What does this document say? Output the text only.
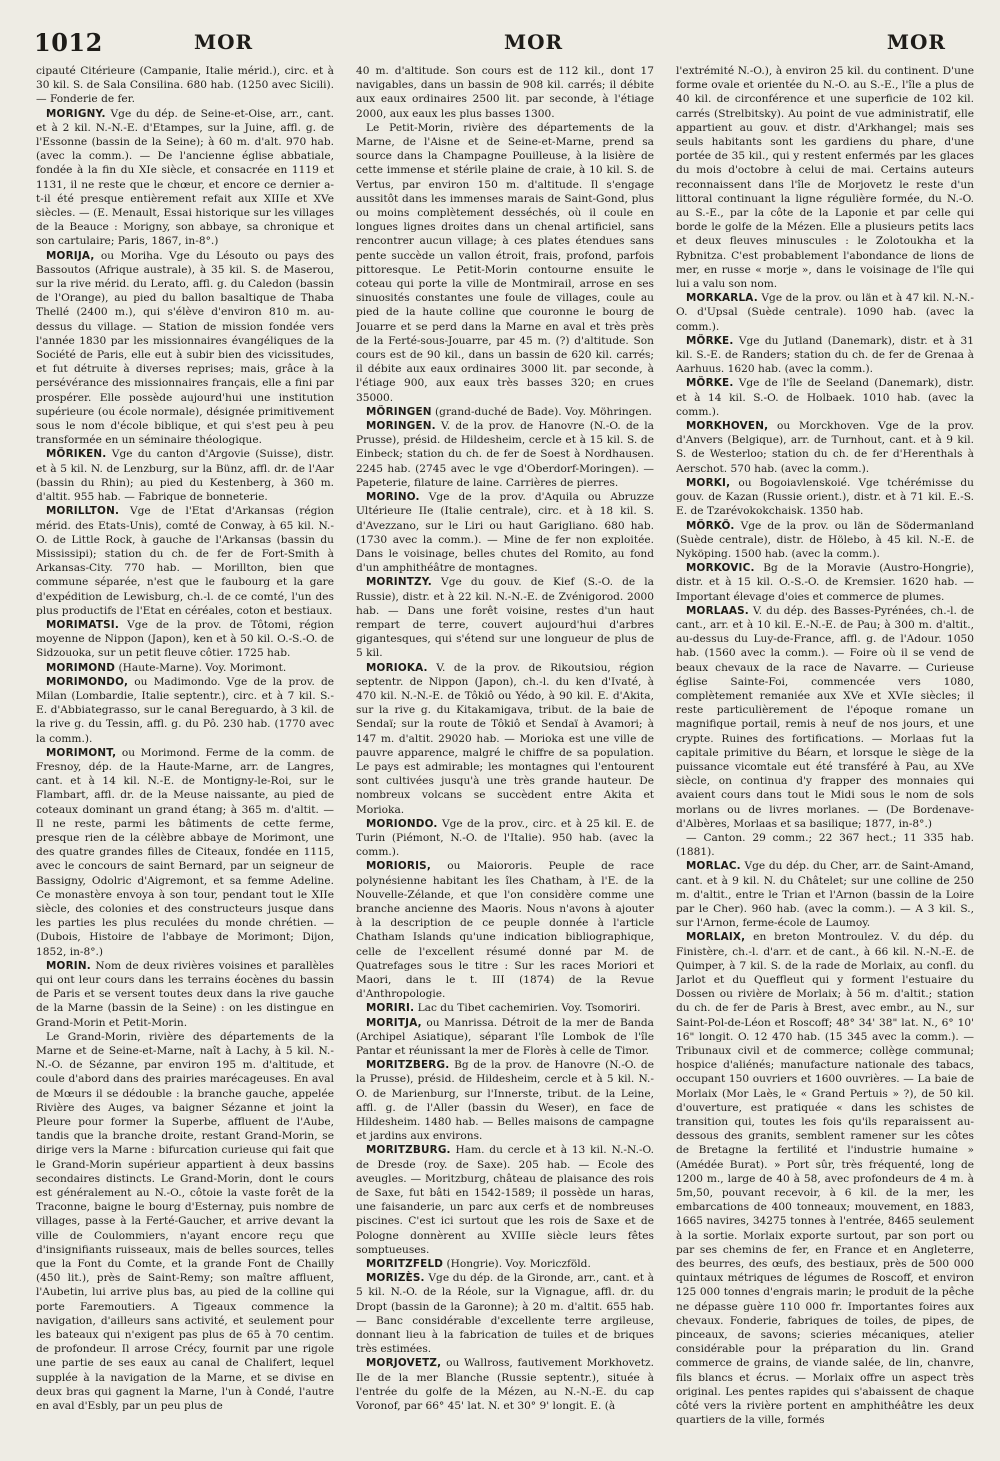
1012	MOR	MOR	MOR

cipauté Citérieure (Campanie, Italie mérid.), circ. et à 30 kil. S. de Sala Consilina. 680 hab. (1250 avec Sicili). — Fonderie de fer.

MORIGNY. Vge du dép. de Seine-et-Oise, arr., cant. et à 2 kil. N.-N.-E. d'Etampes, sur la Juine, affl. g. de l'Essonne (bassin de la Seine); à 60 m. d'alt. 970 hab. (avec la comm.). — De l'ancienne église abbatiale, fondée à la fin du XIe siècle, et consacrée en 1119 et 1131, il ne reste que le chœur, et encore ce dernier a-t-il été presque entièrement refait aux XIIIe et XVe siècles. — (E. Menault, Essai historique sur les villages de la Beauce : Morigny, son abbaye, sa chronique et son cartulaire; Paris, 1867, in-8°.)

MORIJA, ou Moriha. Vge du Lésouto ou pays des Bassoutos (Afrique australe), à 35 kil. S. de Maserou, sur la rive mérid. du Lerato, affl. g. du Caledon (bassin de l'Orange), au pied du ballon basaltique de Thaba Thellé (2400 m.), qui s'élève d'environ 810 m. au-dessus du village. — Station de mission fondée vers l'année 1830 par les missionnaires évangéliques de la Société de Paris, elle eut à subir bien des vicissitudes, et fut détruite à diverses reprises; mais, grâce à la persévérance des missionnaires français, elle a fini par prospérer. Elle possède aujourd'hui une institution supérieure (ou école normale), désignée primitivement sous le nom d'école biblique, et qui s'est peu à peu transformée en un séminaire théologique.

MÖRIKEN. Vge du canton d'Argovie (Suisse), distr. et à 5 kil. N. de Lenzburg, sur la Bünz, affl. dr. de l'Aar (bassin du Rhin); au pied du Kestenberg, à 360 m. d'altit. 955 hab. — Fabrique de bonneterie.

MORILLTON. Vge de l'Etat d'Arkansas (région mérid. des Etats-Unis), comté de Conway, à 65 kil. N.-O. de Little Rock, à gauche de l'Arkansas (bassin du Mississipi); station du ch. de fer de Fort-Smith à Arkansas-City. 770 hab. — Morillton, bien que commune séparée, n'est que le faubourg et la gare d'expédition de Lewisburg, ch.-l. de ce comté, l'un des plus productifs de l'Etat en céréales, coton et bestiaux.

MORIMATSI. Vge de la prov. de Tôtomi, région moyenne de Nippon (Japon), ken et à 50 kil. O.-S.-O. de Sidzouoka, sur un petit fleuve côtier. 1725 hab.

MORIMOND (Haute-Marne). Voy. Morimont.

MORIMONDO, ou Madimondo. Vge de la prov. de Milan (Lombardie, Italie septentr.), circ. et à 7 kil. S.-E. d'Abbiategrasso, sur le canal Bereguardo, à 3 kil. de la rive g. du Tessin, affl. g. du Pô. 230 hab. (1770 avec la comm.).

MORIMONT, ou Morimond. Ferme de la comm. de Fresnoy, dép. de la Haute-Marne, arr. de Langres, cant. et à 14 kil. N.-E. de Montigny-le-Roi, sur le Flambart, affl. dr. de la Meuse naissante, au pied de coteaux dominant un grand étang; à 365 m. d'altit. — Il ne reste, parmi les bâtiments de cette ferme, presque rien de la célèbre abbaye de Morimont, une des quatre grandes filles de Citeaux, fondée en 1115, avec le concours de saint Bernard, par un seigneur de Bassigny, Odolric d'Aigremont, et sa femme Adeline. Ce monastère envoya à son tour, pendant tout le XIIe siècle, des colonies et des constructeurs jusque dans les parties les plus reculées du monde chrétien. — (Dubois, Histoire de l'abbaye de Morimont; Dijon, 1852, in-8°.)

MORIN. Nom de deux rivières voisines et parallèles qui ont leur cours dans les terrains éocènes du bassin de Paris et se versent toutes deux dans la rive gauche de la Marne (bassin de la Seine) : on les distingue en Grand-Morin et Petit-Morin.

Le Grand-Morin, rivière des départements de la Marne et de Seine-et-Marne, naît à Lachy, à 5 kil. N.-N.-O. de Sézanne, par environ 195 m. d'altitude, et coule d'abord dans des prairies marécageuses. En aval de Mœurs il se dédouble : la branche gauche, appelée Rivière des Auges, va baigner Sézanne et joint la Pleure pour former la Superbe, affluent de l'Aube, tandis que la branche droite, restant Grand-Morin, se dirige vers la Marne : bifurcation curieuse qui fait que le Grand-Morin supérieur appartient à deux bassins secondaires distincts. Le Grand-Morin, dont le cours est généralement au N.-O., côtoie la vaste forêt de la Traconne, baigne le bourg d'Esternay, puis nombre de villages, passe à la Ferté-Gaucher, et arrive devant la ville de Coulommiers, n'ayant encore reçu que d'insignifiants ruisseaux, mais de belles sources, telles que la Font du Comte, et la grande Font de Chailly (450 lit.), près de Saint-Remy; son maître affluent, l'Aubetin, lui arrive plus bas, au pied de la colline qui porte Faremoutiers. A Tigeaux commence la navigation, d'ailleurs sans activité, et seulement pour les bateaux qui n'exigent pas plus de 65 à 70 centim. de profondeur. Il arrose Crécy, fournit par une rigole une partie de ses eaux au canal de Chalifert, lequel supplée à la navigation de la Marne, et se divise en deux bras qui gagnent la Marne, l'un à Condé, l'autre en aval d'Esbly, par un peu plus de

40 m. d'altitude. Son cours est de 112 kil., dont 17 navigables, dans un bassin de 908 kil. carrés; il débite aux eaux ordinaires 2500 lit. par seconde, à l'étiage 2000, aux eaux les plus basses 1300.

Le Petit-Morin, rivière des départements de la Marne, de l'Aisne et de Seine-et-Marne, prend sa source dans la Champagne Pouilleuse, à la lisière de cette immense et stérile plaine de craie, à 10 kil. S. de Vertus, par environ 150 m. d'altitude. Il s'engage aussitôt dans les immenses marais de Saint-Gond, plus ou moins complètement desséchés, où il coule en longues lignes droites dans un chenal artificiel, sans rencontrer aucun village; à ces plates étendues sans pente succède un vallon étroit, frais, profond, parfois pittoresque. Le Petit-Morin contourne ensuite le coteau qui porte la ville de Montmirail, arrose en ses sinuosités constantes une foule de villages, coule au pied de la haute colline que couronne le bourg de Jouarre et se perd dans la Marne en aval et très près de la Ferté-sous-Jouarre, par 45 m. (?) d'altitude. Son cours est de 90 kil., dans un bassin de 620 kil. carrés; il débite aux eaux ordinaires 3000 lit. par seconde, à l'étiage 900, aux eaux très basses 320; en crues 35000.

MÖRINGEN (grand-duché de Bade). Voy. Möhringen.

MORINGEN. V. de la prov. de Hanovre (N.-O. de la Prusse), présid. de Hildesheim, cercle et à 15 kil. S. de Einbeck; station du ch. de fer de Soest à Nordhausen. 2245 hab. (2745 avec le vge d'Oberdorf-Moringen). — Papeterie, filature de laine. Carrières de pierres.

MORINO. Vge de la prov. d'Aquila ou Abruzze Ultérieure IIe (Italie centrale), circ. et à 18 kil. S. d'Avezzano, sur le Liri ou haut Garigliano. 680 hab. (1730 avec la comm.). — Mine de fer non exploitée. Dans le voisinage, belles chutes del Romito, au fond d'un amphithéâtre de montagnes.

MORINTZY. Vge du gouv. de Kief (S.-O. de la Russie), distr. et à 22 kil. N.-N.-E. de Zvénigorod. 2000 hab. — Dans une forêt voisine, restes d'un haut rempart de terre, couvert aujourd'hui d'arbres gigantesques, qui s'étend sur une longueur de plus de 5 kil.

MORIOKA. V. de la prov. de Rikoutsiou, région septentr. de Nippon (Japon), ch.-l. du ken d'Ivaté, à 470 kil. N.-N.-E. de Tôkiô ou Yédo, à 90 kil. E. d'Akita, sur la rive g. du Kitakamigava, tribut. de la baie de Sendaï; sur la route de Tôkiô et Sendaï à Avamori; à 147 m. d'altit. 29020 hab. — Morioka est une ville de pauvre apparence, malgré le chiffre de sa population. Le pays est admirable; les montagnes qui l'entourent sont cultivées jusqu'à une très grande hauteur. De nombreux volcans se succèdent entre Akita et Morioka.

MORIONDO. Vge de la prov., circ. et à 25 kil. E. de Turin (Piémont, N.-O. de l'Italie). 950 hab. (avec la comm.).

MORIORIS, ou Maiororis. Peuple de race polynésienne habitant les îles Chatham, à l'E. de la Nouvelle-Zélande, et que l'on considère comme une branche ancienne des Maoris. Nous n'avons à ajouter à la description de ce peuple donnée à l'article Chatham Islands qu'une indication bibliographique, celle de l'excellent résumé donné par M. de Quatrefages sous le titre : Sur les races Moriori et Maori, dans le t. III (1874) de la Revue d'Anthropologie.

MORIRI. Lac du Tibet cachemirien. Voy. Tsomoriri.

MORITJA, ou Manrissa. Détroit de la mer de Banda (Archipel Asiatique), séparant l'île Lombok de l'île Pantar et réunissant la mer de Florès à celle de Timor.

MORITZBERG. Bg de la prov. de Hanovre (N.-O. de la Prusse), présid. de Hildesheim, cercle et à 5 kil. N.-O. de Marienburg, sur l'Innerste, tribut. de la Leine, affl. g. de l'Aller (bassin du Weser), en face de Hildesheim. 1480 hab. — Belles maisons de campagne et jardins aux environs.

MORITZBURG. Ham. du cercle et à 13 kil. N.-N.-O. de Dresde (roy. de Saxe). 205 hab. — Ecole des aveugles. — Moritzburg, château de plaisance des rois de Saxe, fut bâti en 1542-1589; il possède un haras, une faisanderie, un parc aux cerfs et de nombreuses piscines. C'est ici surtout que les rois de Saxe et de Pologne donnèrent au XVIIIe siècle leurs fêtes somptueuses.

MORITZFELD (Hongrie). Voy. Moriczföld.

MORIZÈS. Vge du dép. de la Gironde, arr., cant. et à 5 kil. N.-O. de la Réole, sur la Vignague, affl. dr. du Dropt (bassin de la Garonne); à 20 m. d'altit. 655 hab. — Banc considérable d'excellente terre argileuse, donnant lieu à la fabrication de tuiles et de briques très estimées.

MORJOVETZ, ou Wallross, fautivement Morkhovetz. Ile de la mer Blanche (Russie septentr.), située à l'entrée du golfe de la Mézen, au N.-N.-E. du cap Voronof, par 66° 45' lat. N. et 30° 9' longit. E. (à

l'extrémité N.-O.), à environ 25 kil. du continent. D'une forme ovale et orientée du N.-O. au S.-E., l'île a plus de 40 kil. de circonférence et une superficie de 102 kil. carrés (Strelbitsky). Au point de vue administratif, elle appartient au gouv. et distr. d'Arkhangel; mais ses seuls habitants sont les gardiens du phare, d'une portée de 35 kil., qui y restent enfermés par les glaces du mois d'octobre à celui de mai. Certains auteurs reconnaissent dans l'île de Morjovetz le reste d'un littoral continuant la ligne régulière formée, du N.-O. au S.-E., par la côte de la Laponie et par celle qui borde le golfe de la Mézen. Elle a plusieurs petits lacs et deux fleuves minuscules : le Zolotoukha et la Rybnitza. C'est probablement l'abondance de lions de mer, en russe « morje », dans le voisinage de l'île qui lui a valu son nom.

MORKARLA. Vge de la prov. ou län et à 47 kil. N.-N.-O. d'Upsal (Suède centrale). 1090 hab. (avec la comm.).

MÖRKE. Vge du Jutland (Danemark), distr. et à 31 kil. S.-E. de Randers; station du ch. de fer de Grenaa à Aarhuus. 1620 hab. (avec la comm.).

MÖRKE. Vge de l'île de Seeland (Danemark), distr. et à 14 kil. S.-O. de Holbaek. 1010 hab. (avec la comm.).

MORKHOVEN, ou Morckhoven. Vge de la prov. d'Anvers (Belgique), arr. de Turnhout, cant. et à 9 kil. S. de Westerloo; station du ch. de fer d'Herenthals à Aerschot. 570 hab. (avec la comm.).

MORKI, ou Bogoiavlenskoié. Vge tchérémisse du gouv. de Kazan (Russie orient.), distr. et à 71 kil. E.-S. E. de Tzarévokokchaisk. 1350 hab.

MÖRKÖ. Vge de la prov. ou län de Södermanland (Suède centrale), distr. de Hölebo, à 45 kil. N.-E. de Nyköping. 1500 hab. (avec la comm.).

MORKOVIC. Bg de la Moravie (Austro-Hongrie), distr. et à 15 kil. O.-S.-O. de Kremsier. 1620 hab. — Important élevage d'oies et commerce de plumes.

MORLAAS. V. du dép. des Basses-Pyrénées, ch.-l. de cant., arr. et à 10 kil. E.-N.-E. de Pau; à 300 m. d'altit., au-dessus du Luy-de-France, affl. g. de l'Adour. 1050 hab. (1560 avec la comm.). — Foire où il se vend de beaux chevaux de la race de Navarre. — Curieuse église Sainte-Foi, commencée vers 1080, complètement remaniée aux XVe et XVIe siècles; il reste particulièrement de l'époque romane un magnifique portail, remis à neuf de nos jours, et une crypte. Ruines des fortifications. — Morlaas fut la capitale primitive du Béarn, et lorsque le siège de la puissance vicomtale eut été transféré à Pau, au XVe siècle, on continua d'y frapper des monnaies qui avaient cours dans tout le Midi sous le nom de sols morlans ou de livres morlanes. — (De Bordenave-d'Albères, Morlaas et sa basilique; 1877, in-8°.)

— Canton. 29 comm.; 22 367 hect.; 11 335 hab. (1881).

MORLAC. Vge du dép. du Cher, arr. de Saint-Amand, cant. et à 9 kil. N. du Châtelet; sur une colline de 250 m. d'altit., entre le Trian et l'Arnon (bassin de la Loire par le Cher). 960 hab. (avec la comm.). — A 3 kil. S., sur l'Arnon, ferme-école de Laumoy.

MORLAIX, en breton Montroulez. V. du dép. du Finistère, ch.-l. d'arr. et de cant., à 66 kil. N.-N.-E. de Quimper, à 7 kil. S. de la rade de Morlaix, au confl. du Jarlot et du Queffleut qui y forment l'estuaire du Dossen ou rivière de Morlaix; à 56 m. d'altit.; station du ch. de fer de Paris à Brest, avec embr., au N., sur Saint-Pol-de-Léon et Roscoff; 48° 34' 38" lat. N., 6° 10' 16" longit. O. 12 470 hab. (15 345 avec la comm.). — Tribunaux civil et de commerce; collège communal; hospice d'aliénés; manufacture nationale des tabacs, occupant 150 ouvriers et 1600 ouvrières. — La baie de Morlaix (Mor Laès, le « Grand Pertuis » ?), de 50 kil. d'ouverture, est pratiquée « dans les schistes de transition qui, toutes les fois qu'ils reparaissent au-dessous des granits, semblent ramener sur les côtes de Bretagne la fertilité et l'industrie humaine » (Amédée Burat). » Port sûr, très fréquenté, long de 1200 m., large de 40 à 58, avec profondeurs de 4 m. à 5m,50, pouvant recevoir, à 6 kil. de la mer, les embarcations de 400 tonneaux; mouvement, en 1883, 1665 navires, 34275 tonnes à l'entrée, 8465 seulement à la sortie. Morlaix exporte surtout, par son port ou par ses chemins de fer, en France et en Angleterre, des beurres, des œufs, des bestiaux, près de 500 000 quintaux métriques de légumes de Roscoff, et environ 125 000 tonnes d'engrais marin; le produit de la pêche ne dépasse guère 110 000 fr. Importantes foires aux chevaux. Fonderie, fabriques de toiles, de pipes, de pinceaux, de savons; scieries mécaniques, atelier considérable pour la préparation du lin. Grand commerce de grains, de viande salée, de lin, chanvre, fils blancs et écrus. — Morlaix offre un aspect très original. Les pentes rapides qui s'abaissent de chaque côté vers la rivière portent en amphithéâtre les deux quartiers de la ville, formés
